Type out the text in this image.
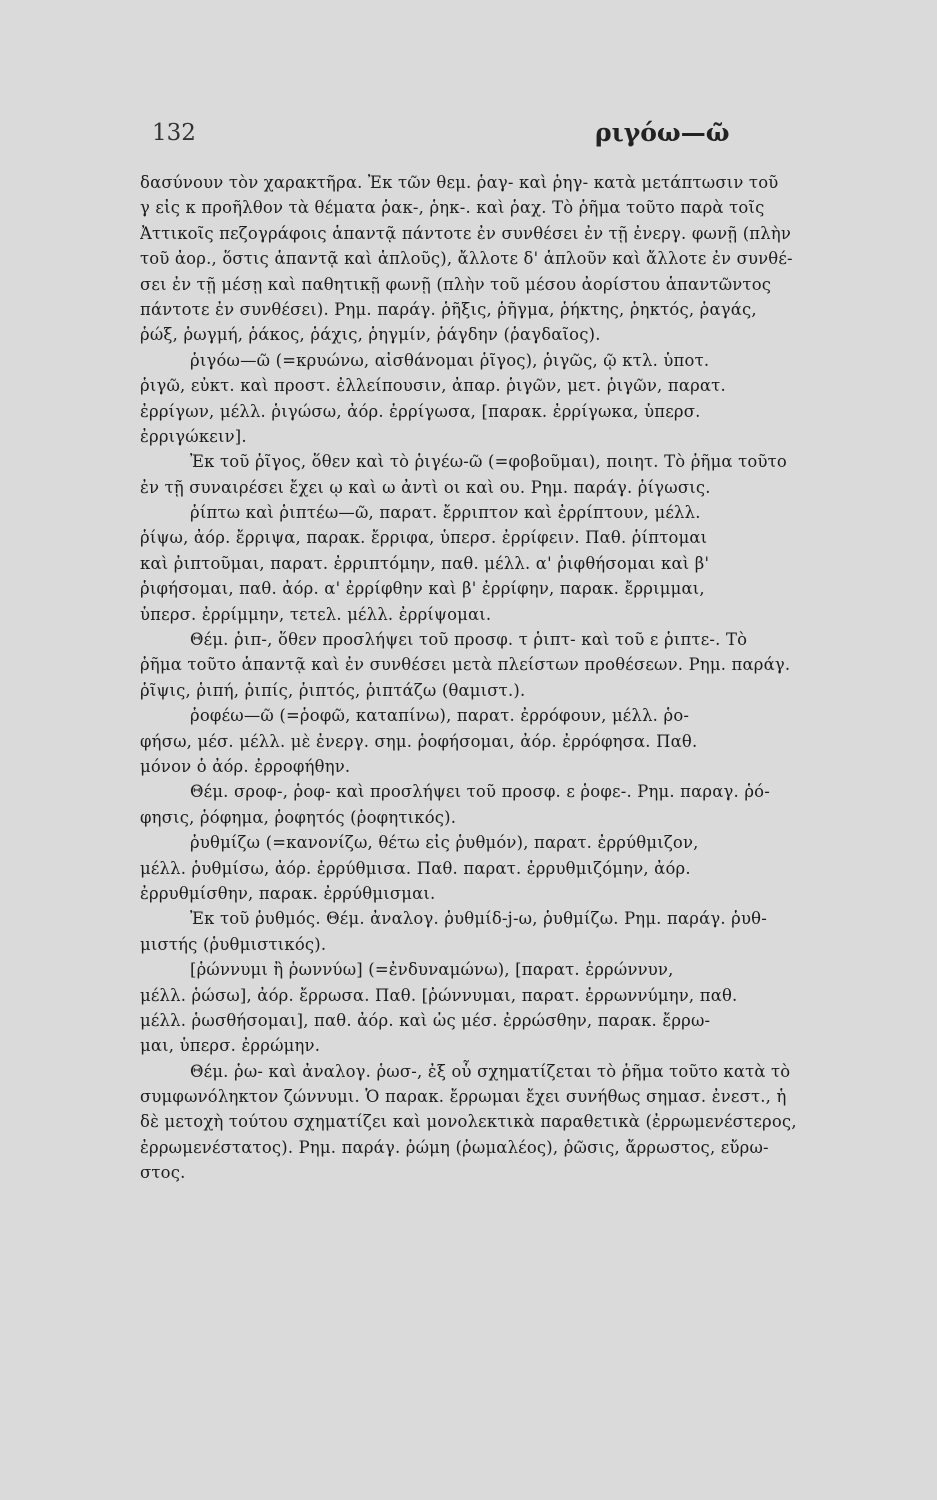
132	ριγόω—ῶ
δασύνουν τὸν χαρακτῆρα. Ἐκ τῶν θεμ. ῥαγ- καὶ ῥηγ- κατὰ μετάπτωσιν τοῦ
γ εἰς κ προῆλθον τὰ θέματα ῥακ-, ῥηκ-. καὶ ῥαχ. Τὸ ῥῆμα τοῦτο παρὰ τοῖς
Ἀττικοῖς πεζογράφοις ἁπαντᾷ πάντοτε ἐν συνθέσει ἐν τῇ ἐνεργ. φωνῇ (πλὴν
τοῦ ἀορ., ὅστις ἁπαντᾷ καὶ ἁπλοῦς), ἄλλοτε δ' ἁπλοῦν καὶ ἄλλοτε ἐν συνθέ-
σει ἐν τῇ μέσῃ καὶ παθητικῇ φωνῇ (πλὴν τοῦ μέσου ἀορίστου ἁπαντῶντος
πάντοτε ἐν συνθέσει). Ρημ. παράγ. ῥῆξις, ῥῆγμα, ῥήκτης, ῥηκτός, ῥαγάς,
ῥώξ, ῥωγμή, ῥάκος, ῥάχις, ῥηγμίν, ῥάγδην (ῥαγδαῖος).
ῥιγόω—ῶ (=κρυώνω, αἰσθάνομαι ῥῖγος), ῥιγῶς, ῷ κτλ. ὑποτ.
ῥιγῶ, εὐκτ. καὶ προστ. ἐλλείπουσιν, ἀπαρ. ῥιγῶν, μετ. ῥιγῶν, παρατ.
ἐρρίγων, μέλλ. ῥιγώσω, ἀόρ. ἐρρίγωσα, [παρακ. ἐρρίγωκα, ὑπερσ.
ἐρριγώκειν].
Ἐκ τοῦ ῥῖγος, ὅθεν καὶ τὸ ῥιγέω-ῶ (=φοβοῦμαι), ποιητ. Τὸ ῥῆμα τοῦτο
ἐν τῇ συναιρέσει ἔχει ῳ καὶ ω ἀντὶ οι καὶ ου. Ρημ. παράγ. ῥίγωσις.
ῥίπτω καὶ ῥιπτέω—ῶ, παρατ. ἔρριπτον καὶ ἐρρίπτουν, μέλλ.
ῥίψω, ἀόρ. ἔρριψα, παρακ. ἔρριφα, ὑπερσ. ἐρρίφειν. Παθ. ῥίπτομαι
καὶ ῥιπτοῦμαι, παρατ. ἐρριπτόμην, παθ. μέλλ. α' ῥιφθήσομαι καὶ β'
ῥιφήσομαι, παθ. ἀόρ. α' ἐρρίφθην καὶ β' ἐρρίφην, παρακ. ἔρριμμαι,
ὑπερσ. ἐρρίμμην, τετελ. μέλλ. ἐρρίψομαι.
Θέμ. ῥιπ-, ὅθεν προσλήψει τοῦ προσφ. τ ῥιπτ- καὶ τοῦ ε ῥιπτε-. Τὸ
ῥῆμα τοῦτο ἁπαντᾷ καὶ ἐν συνθέσει μετὰ πλείστων προθέσεων. Ρημ. παράγ.
ῥῖψις, ῥιπή, ῥιπίς, ῥιπτός, ῥιπτάζω (θαμιστ.).
ῥοφέω—ῶ (=ῥοφῶ, καταπίνω), παρατ. ἐρρόφουν, μέλλ. ῥο-
φήσω, μέσ. μέλλ. μὲ ἐνεργ. σημ. ῥοφήσομαι, ἀόρ. ἐρρόφησα. Παθ.
μόνον ὁ ἀόρ. ἐρροφήθην.
Θέμ. σροφ-, ῥοφ- καὶ προσλήψει τοῦ προσφ. ε ῥοφε-. Ρημ. παραγ. ῥό-
φησις, ῥόφημα, ῥοφητός (ῥοφητικός).
ῥυθμίζω (=κανονίζω, θέτω εἰς ῥυθμόν), παρατ. ἐρρύθμιζον,
μέλλ. ῥυθμίσω, ἀόρ. ἐρρύθμισα. Παθ. παρατ. ἐρρυθμιζόμην, ἀόρ.
ἐρρυθμίσθην, παρακ. ἐρρύθμισμαι.
Ἐκ τοῦ ῥυθμός. Θέμ. ἀναλογ. ῥυθμίδ-j-ω, ῥυθμίζω. Ρημ. παράγ. ῥυθ-
μιστής (ῥυθμιστικός).
[ῥώννυμι ἢ ῥωννύω] (=ἐνδυναμώνω), [παρατ. ἐρρώννυν,
μέλλ. ῥώσω], ἀόρ. ἔρρωσα. Παθ. [ῥώννυμαι, παρατ. ἐρρωννύμην, παθ.
μέλλ. ῥωσθήσομαι], παθ. ἀόρ. καὶ ὡς μέσ. ἐρρώσθην, παρακ. ἔρρω-
μαι, ὑπερσ. ἐρρώμην.
Θέμ. ῥω- καὶ ἀναλογ. ῥωσ-, ἐξ οὗ σχηματίζεται τὸ ῥῆμα τοῦτο κατὰ τὸ
συμφωνόληκτον ζώννυμι. Ὁ παρακ. ἔρρωμαι ἔχει συνήθως σημασ. ἐνεστ., ἡ
δὲ μετοχὴ τούτου σχηματίζει καὶ μονολεκτικὰ παραθετικὰ (ἐρρωμενέστερος,
ἐρρωμενέστατος). Ρημ. παράγ. ῥώμη (ῥωμαλέος), ῥῶσις, ἄρρωστος, εὔρω-
στος.
